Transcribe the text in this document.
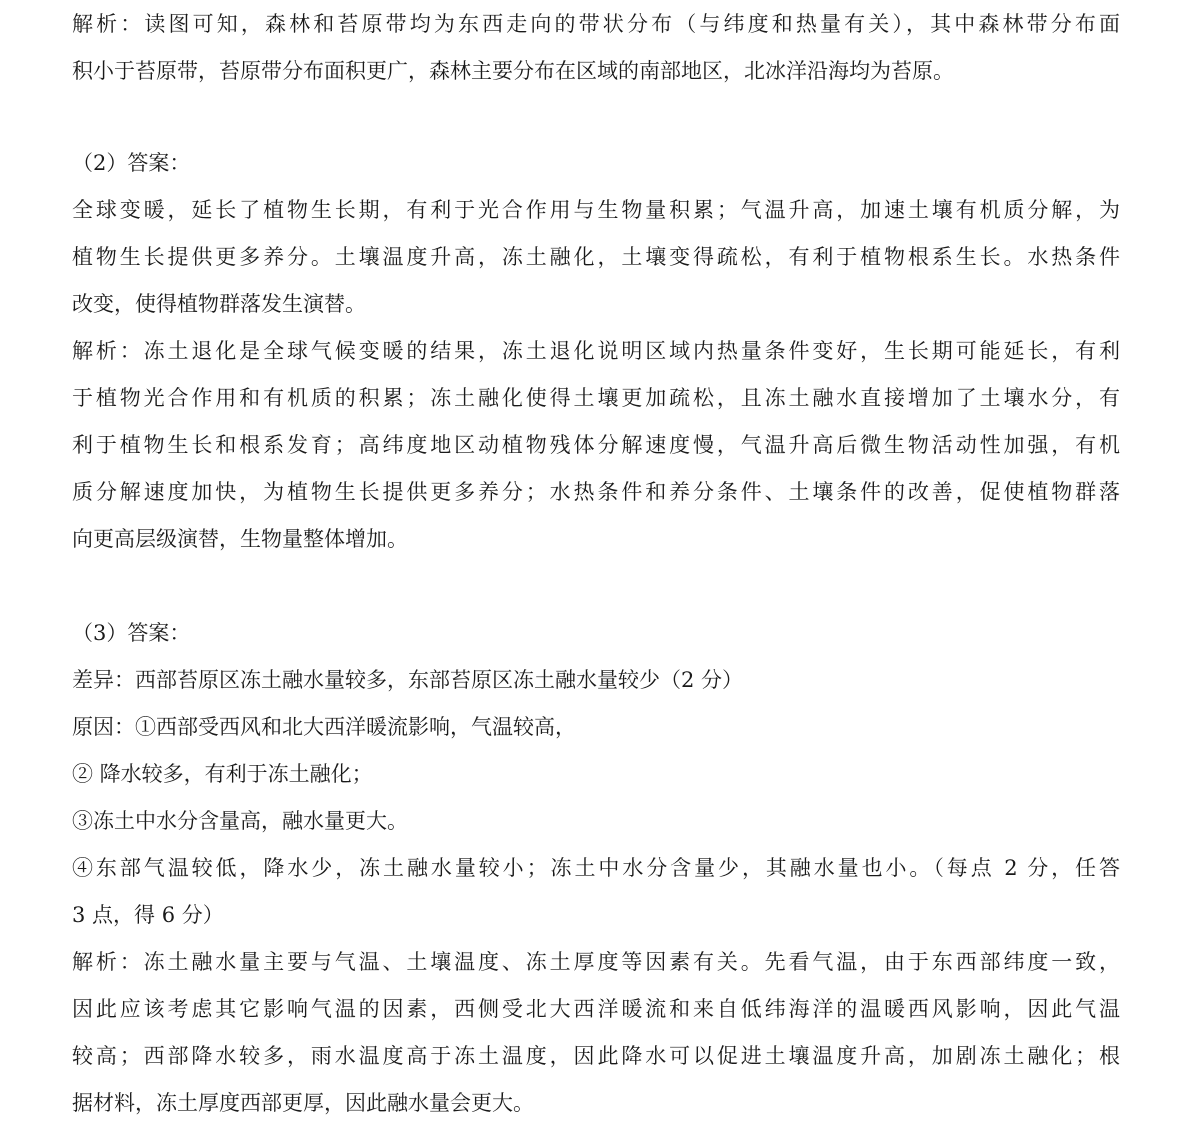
解析：读图可知，森林和苔原带均为东西走向的带状分布（与纬度和热量有关），其中森林带分布面
积小于苔原带，苔原带分布面积更广，森林主要分布在区域的南部地区，北冰洋沿海均为苔原。
（2）答案：
全球变暖，延长了植物生长期，有利于光合作用与生物量积累；气温升高，加速土壤有机质分解，为
植物生长提供更多养分。土壤温度升高，冻土融化，土壤变得疏松，有利于植物根系生长。水热条件
改变，使得植物群落发生演替。
解析：冻土退化是全球气候变暖的结果，冻土退化说明区域内热量条件变好，生长期可能延长，有利
于植物光合作用和有机质的积累；冻土融化使得土壤更加疏松，且冻土融水直接增加了土壤水分，有
利于植物生长和根系发育；高纬度地区动植物残体分解速度慢，气温升高后微生物活动性加强，有机
质分解速度加快，为植物生长提供更多养分；水热条件和养分条件、土壤条件的改善，促使植物群落
向更高层级演替，生物量整体增加。
（3）答案：
差异：西部苔原区冻土融水量较多，东部苔原区冻土融水量较少（2 分）
原因：①西部受西风和北大西洋暖流影响，气温较高，
② 降水较多，有利于冻土融化；
③冻土中水分含量高，融水量更大。
④东部气温较低，降水少，冻土融水量较小；冻土中水分含量少，其融水量也小。（每点 2 分，任答
3 点，得 6 分）
解析：冻土融水量主要与气温、土壤温度、冻土厚度等因素有关。先看气温，由于东西部纬度一致，
因此应该考虑其它影响气温的因素，西侧受北大西洋暖流和来自低纬海洋的温暖西风影响，因此气温
较高；西部降水较多，雨水温度高于冻土温度，因此降水可以促进土壤温度升高，加剧冻土融化；根
据材料，冻土厚度西部更厚，因此融水量会更大。
